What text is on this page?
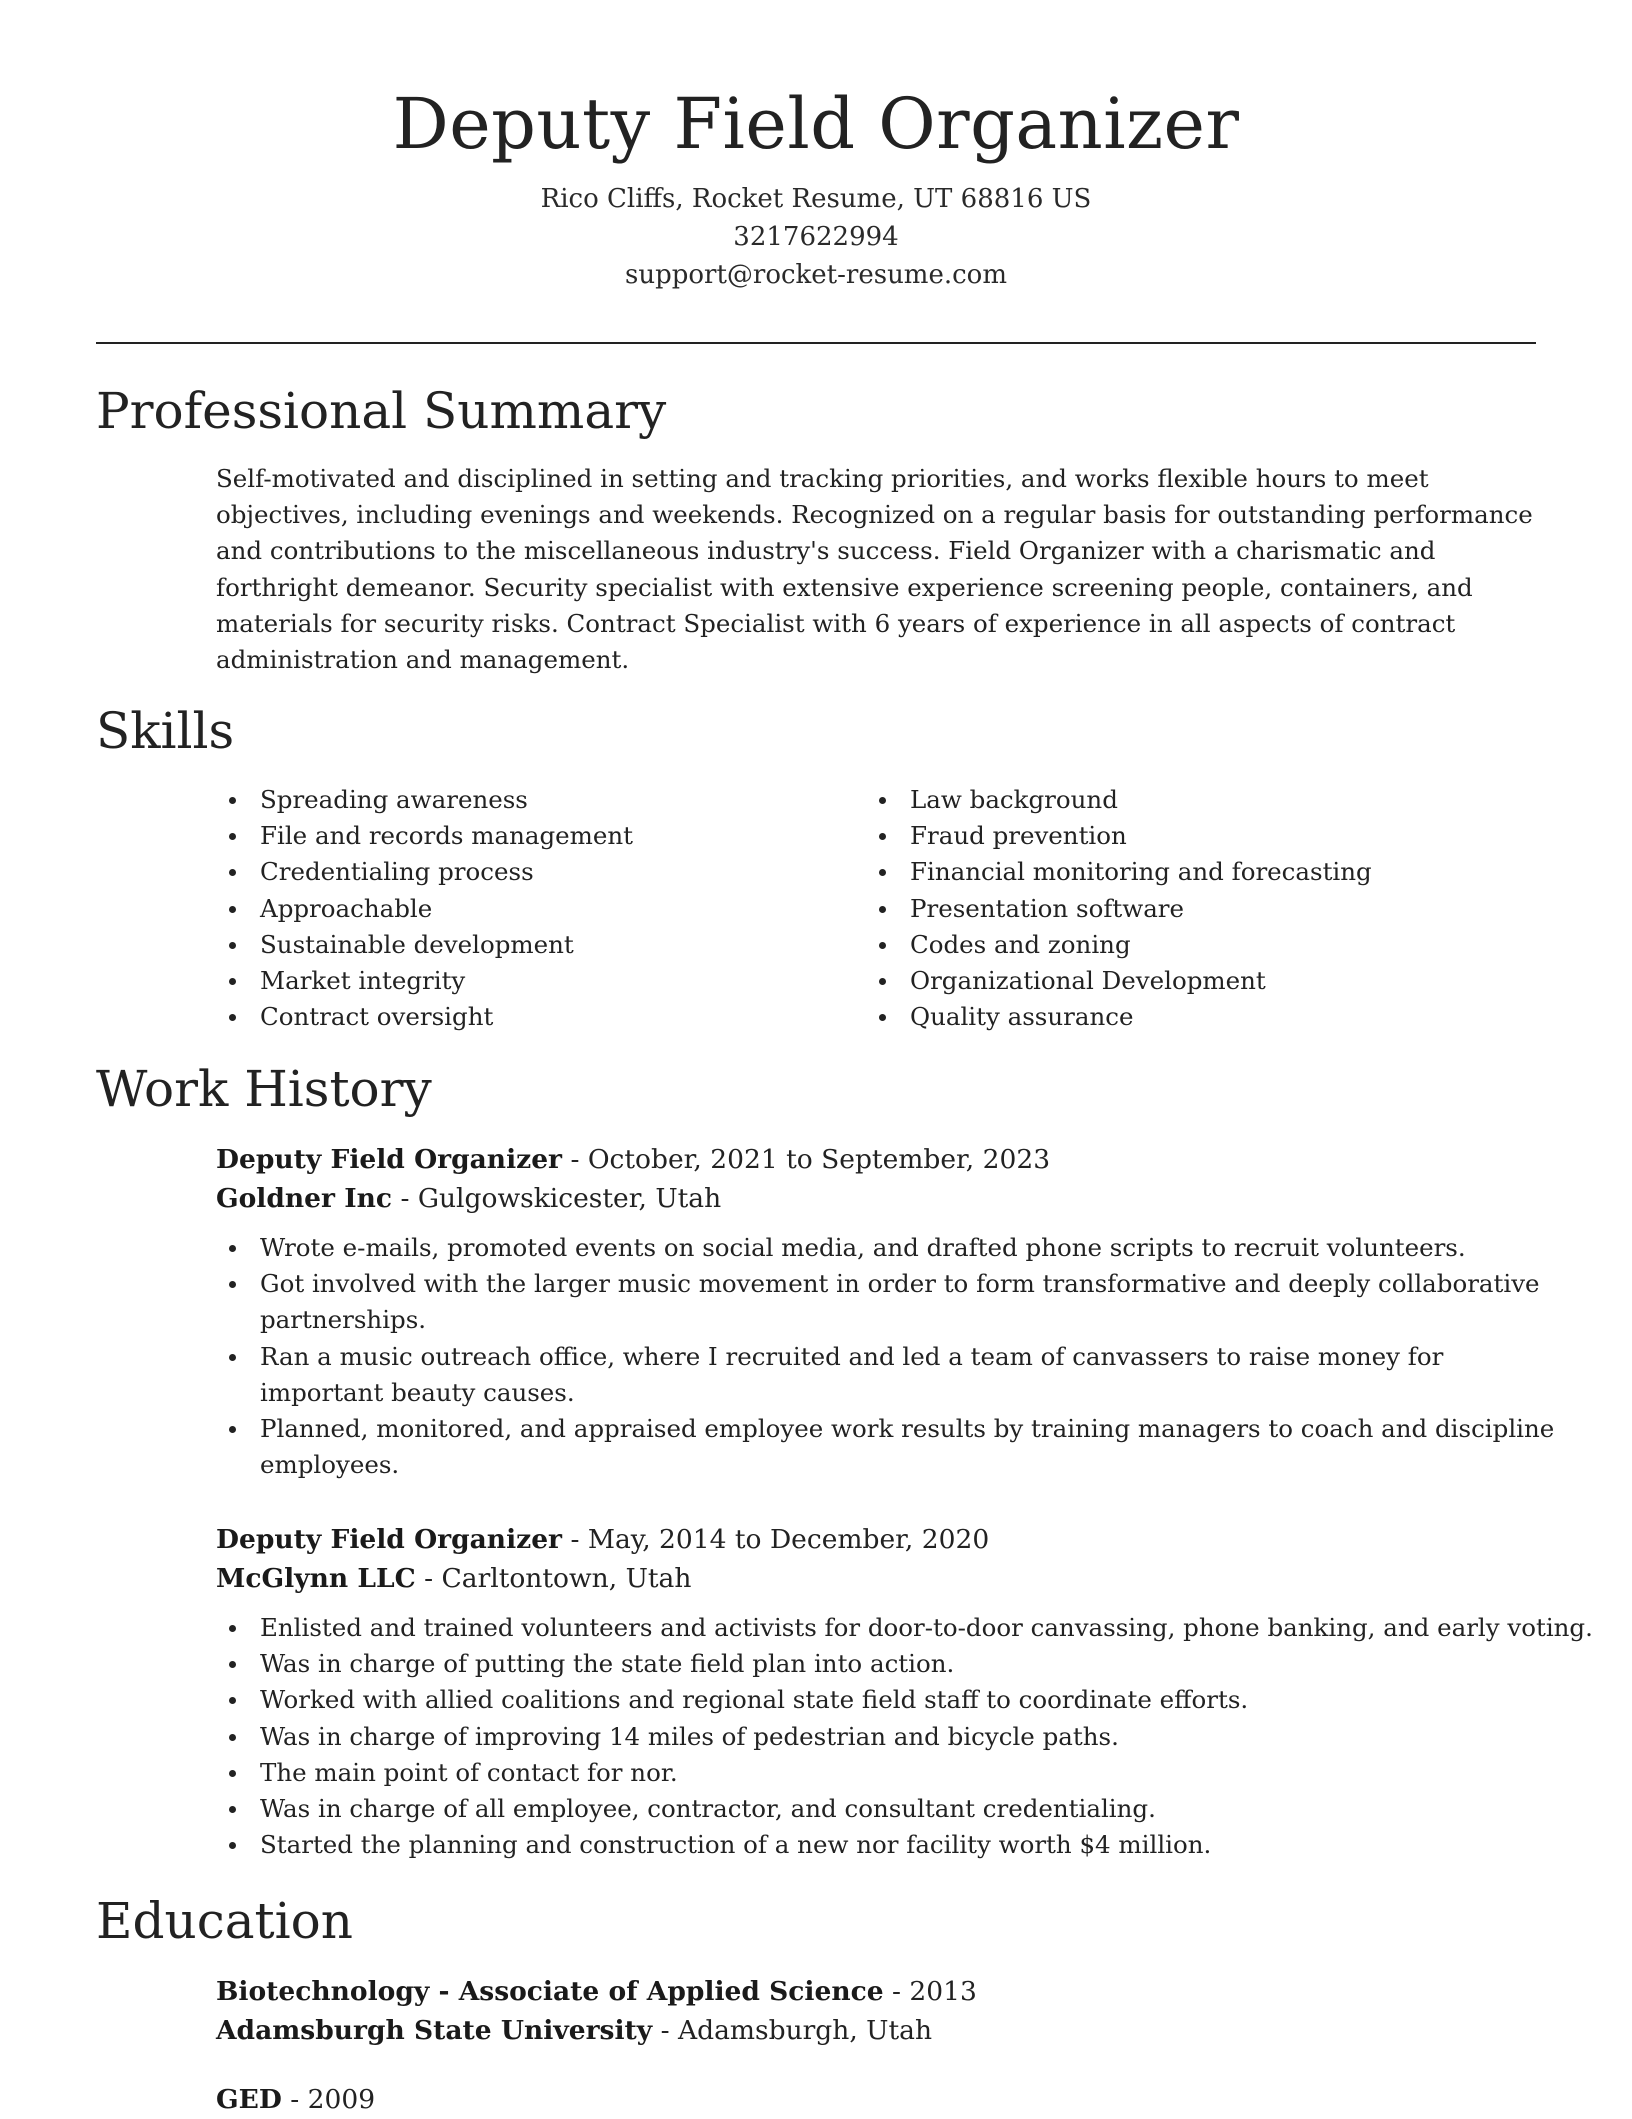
Deputy Field Organizer
Rico Cliffs, Rocket Resume, UT 68816 US
3217622994
support@rocket-resume.com
Professional Summary
Self-motivated and disciplined in setting and tracking priorities, and works flexible hours to meet objectives, including evenings and weekends. Recognized on a regular basis for outstanding performance and contributions to the miscellaneous industry's success. Field Organizer with a charismatic and forthright demeanor. Security specialist with extensive experience screening people, containers, and materials for security risks. Contract Specialist with 6 years of experience in all aspects of contract administration and management.
Skills
Spreading awareness
File and records management
Credentialing process
Approachable
Sustainable development
Market integrity
Contract oversight
Law background
Fraud prevention
Financial monitoring and forecasting
Presentation software
Codes and zoning
Organizational Development
Quality assurance
Work History
Deputy Field Organizer - October, 2021 to September, 2023
Goldner Inc - Gulgowskicester, Utah
Wrote e-mails, promoted events on social media, and drafted phone scripts to recruit volunteers.
Got involved with the larger music movement in order to form transformative and deeply collaborative partnerships.
Ran a music outreach office, where I recruited and led a team of canvassers to raise money for important beauty causes.
Planned, monitored, and appraised employee work results by training managers to coach and discipline employees.
Deputy Field Organizer - May, 2014 to December, 2020
McGlynn LLC - Carltontown, Utah
Enlisted and trained volunteers and activists for door-to-door canvassing, phone banking, and early voting.
Was in charge of putting the state field plan into action.
Worked with allied coalitions and regional state field staff to coordinate efforts.
Was in charge of improving 14 miles of pedestrian and bicycle paths.
The main point of contact for nor.
Was in charge of all employee, contractor, and consultant credentialing.
Started the planning and construction of a new nor facility worth $4 million.
Education
Biotechnology - Associate of Applied Science - 2013
Adamsburgh State University - Adamsburgh, Utah
GED - 2009
